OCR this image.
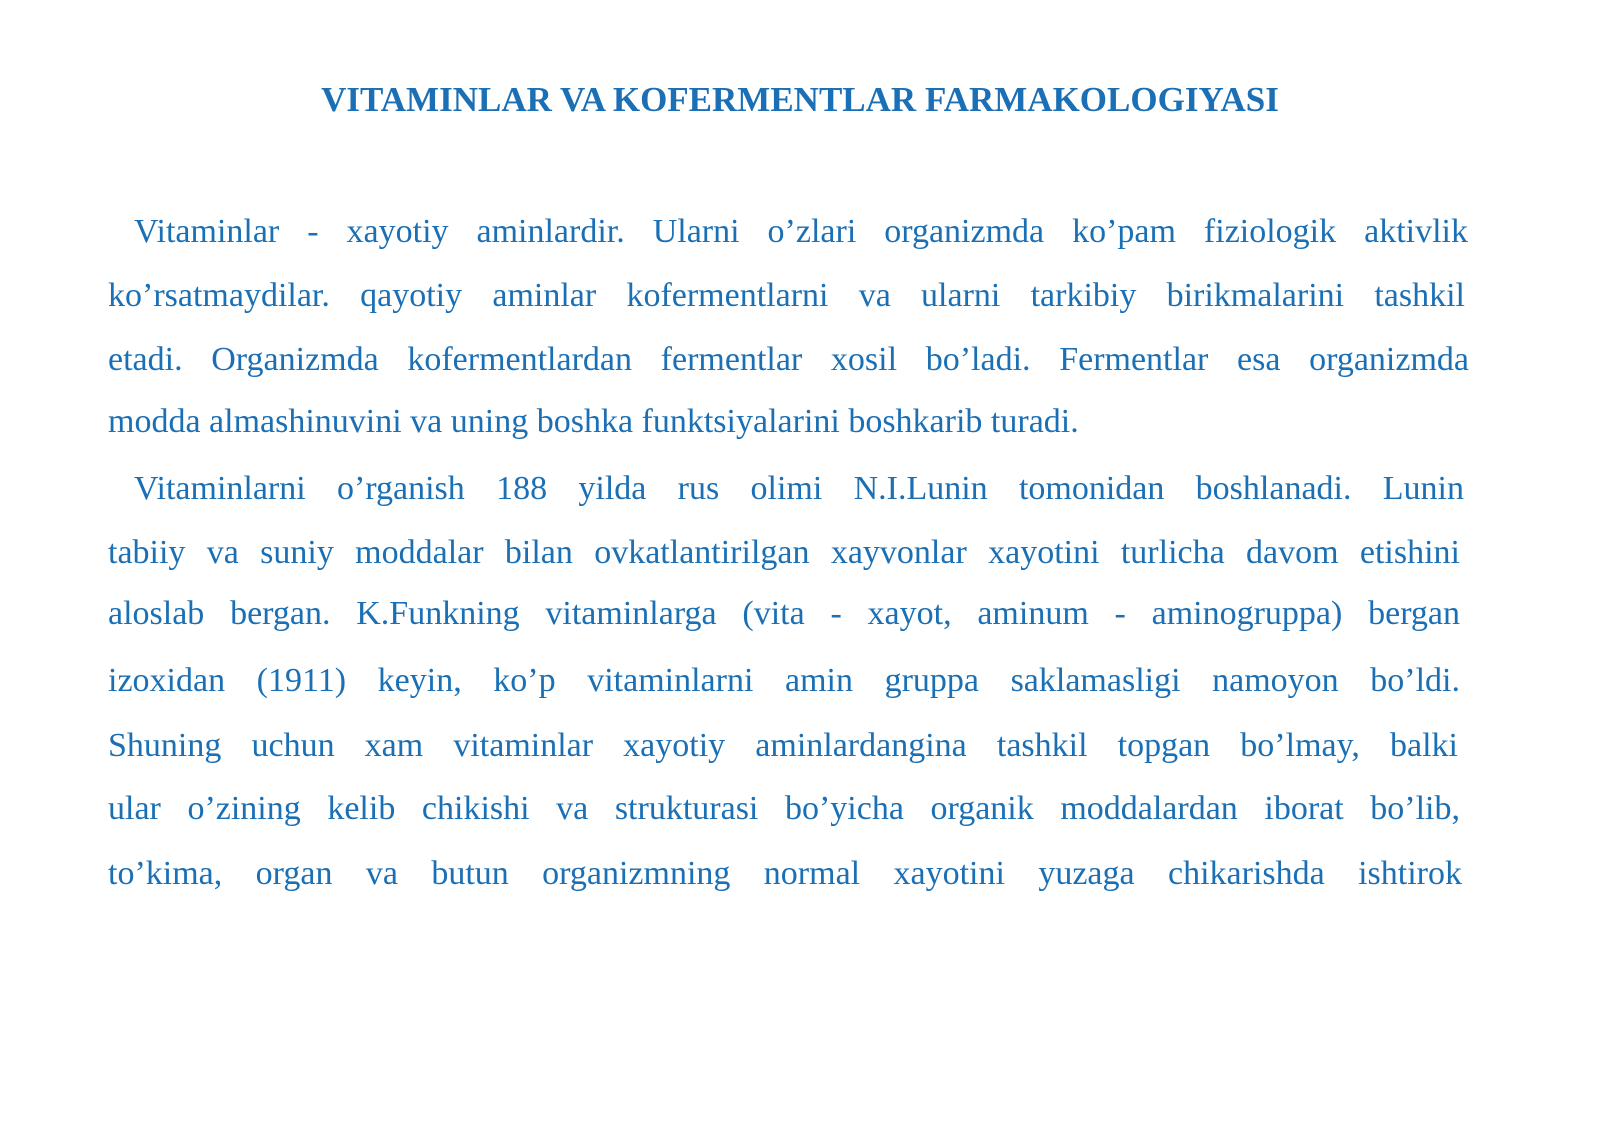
VITAMINLAR VA KOFERMENTLAR FARMAKOLOGIYASI
Vitaminlar - xayotiy aminlardir. Ularni o’zlari organizmda ko’pam fiziologik aktivlik
ko’rsatmaydilar. qayotiy aminlar kofermentlarni va ularni tarkibiy birikmalarini tashkil
etadi. Organizmda kofermentlardan fermentlar xosil bo’ladi. Fermentlar esa organizmda
modda almashinuvini va uning boshka funktsiyalarini boshkarib turadi.
Vitaminlarni o’rganish 188 yilda rus olimi N.I.Lunin tomonidan boshlanadi. Lunin
tabiiy va suniy moddalar bilan ovkatlantirilgan xayvonlar xayotini turlicha davom etishini
aloslab bergan. K.Funkning vitaminlarga (vita - xayot, aminum - aminogruppa) bergan
izoxidan (1911) keyin, ko’p vitaminlarni amin gruppa saklamasligi namoyon bo’ldi.
Shuning uchun xam vitaminlar xayotiy aminlardangina tashkil topgan bo’lmay, balki
ular o’zining kelib chikishi va strukturasi bo’yicha organik moddalardan iborat bo’lib,
to’kima, organ va butun organizmning normal xayotini yuzaga chikarishda ishtirok
